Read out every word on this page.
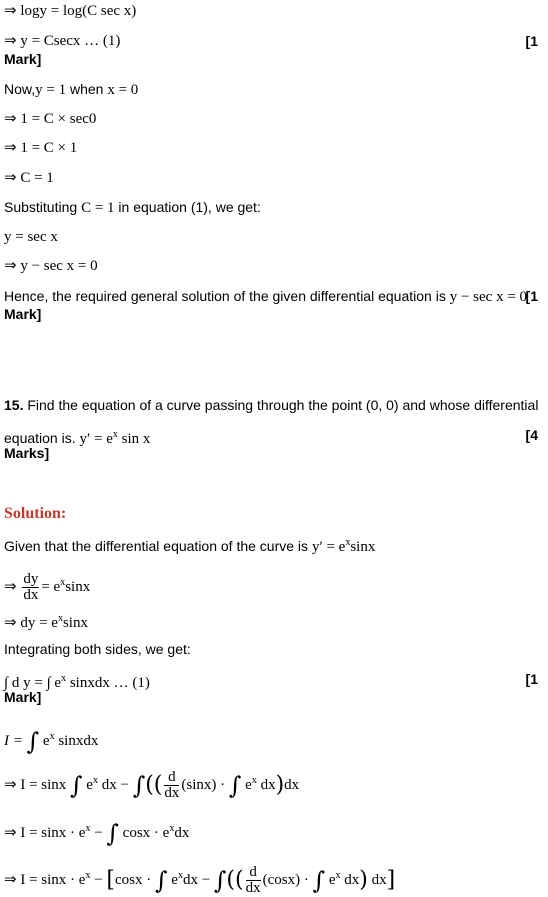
⇒ logy = log(C sec x)
⇒ y = Csecx … (1)	[1
Mark]
Now,y = 1 when x = 0
⇒ 1 = C × sec0
⇒ 1 = C × 1
⇒ C = 1
Substituting C = 1 in equation (1), we get:
y = sec x
⇒ y − sec x = 0
Hence, the required general solution of the given differential equation is y − sec x = 0
[1
Mark]
15. Find the equation of a curve passing through the point (0, 0) and whose differential
equation is. $y' = e^x$ sin x	[4
Marks]
Solution:
Given that the differential equation of the curve is $y' = e^x\sin x$
⇒ $\frac{dy}{dx} = e^x\sin x$
⇒ dy = $e^x\sin x$
Integrating both sides, we get:
∫ d y = ∫ $e^x$ sinxdx … (1)	[1
Mark]
I = ∫ $e^x$ sinxdx
⇒ I = sinx ∫ $e^x$ dx − ∫(( $\frac{d}{dx} (\sin x)$ · ∫ $e^x$ dx)dx
⇒ $I = \sin x \cdot e^x$ − ∫ $\cos x \cdot e^xdx$
⇒ $I = \sin x \cdot e^x - [\cos x$ · ∫ $e^xdx$ − ∫(( $\frac{d}{dx} (\cos x)$ · ∫ $e^x$ dx) dx]
